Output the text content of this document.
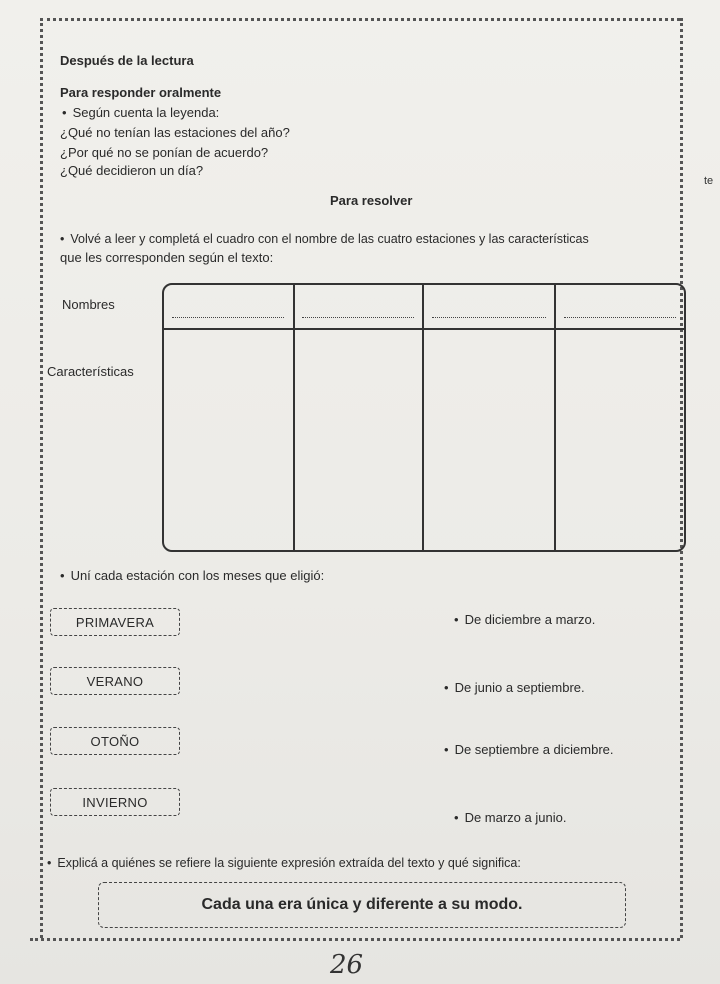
Después de la lectura
Para responder oralmente
• Según cuenta la leyenda:
¿Qué no tenían las estaciones del año?
¿Por qué no se ponían de acuerdo?
¿Qué decidieron un día?
Para resolver
• Volvé a leer y completá el cuadro con el nombre de las cuatro estaciones y las características
que les corresponden según el texto:
Nombres
Características
• Uní cada estación con los meses que eligió:
PRIMAVERA
VERANO
OTOÑO
INVIERNO
• De diciembre a marzo.
• De junio a septiembre.
• De septiembre a diciembre.
• De marzo a junio.
• Explicá a quiénes se refiere la siguiente expresión extraída del texto y qué significa:
Cada una era única y diferente a su modo.
te
26
